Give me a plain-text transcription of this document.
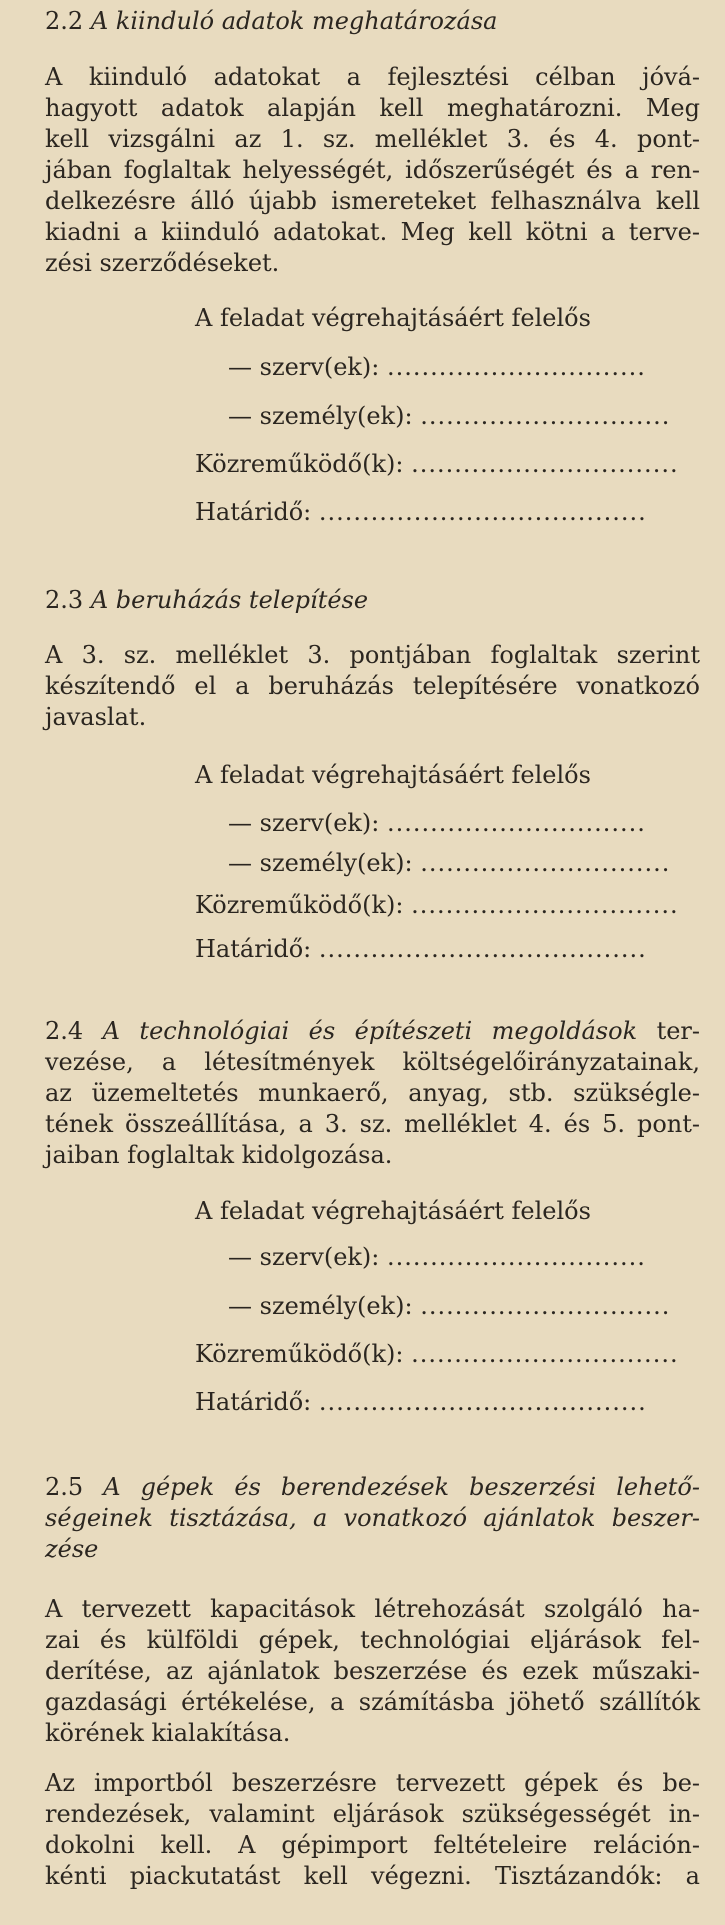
2.2 A kiinduló adatok meghatározása
A kiinduló adatokat a fejlesztési célban jóvá-
hagyott adatok alapján kell meghatározni. Meg
kell vizsgálni az 1. sz. melléklet 3. és 4. pont-
jában foglaltak helyességét, időszerűségét és a ren-
delkezésre álló újabb ismereteket felhasználva kell
kiadni a kiinduló adatokat. Meg kell kötni a terve-
zési szerződéseket.
A feladat végrehajtásáért felelős
— szerv(ek): ..............................
— személy(ek): .............................
Közreműködő(k): ...............................
Határidő: ......................................
2.3 A beruházás telepítése
A 3. sz. melléklet 3. pontjában foglaltak szerint
készítendő el a beruházás telepítésére vonatkozó
javaslat.
A feladat végrehajtásáért felelős
— szerv(ek): ..............................
— személy(ek): .............................
Közreműködő(k): ...............................
Határidő: ......................................
2.4 A technológiai és építészeti megoldások ter-
vezése, a létesítmények költségelőirányzatainak,
az üzemeltetés munkaerő, anyag, stb. szükségle-
tének összeállítása, a 3. sz. melléklet 4. és 5. pont-
jaiban foglaltak kidolgozása.
A feladat végrehajtásáért felelős
— szerv(ek): ..............................
— személy(ek): .............................
Közreműködő(k): ...............................
Határidő: ......................................
2.5 A gépek és berendezések beszerzési lehető-
ségeinek tisztázása, a vonatkozó ajánlatok beszer-
zése
A tervezett kapacitások létrehozását szolgáló ha-
zai és külföldi gépek, technológiai eljárások fel-
derítése, az ajánlatok beszerzése és ezek műszaki-
gazdasági értékelése, a számításba jöhető szállítók
körének kialakítása.
Az importból beszerzésre tervezett gépek és be-
rendezések, valamint eljárások szükségességét in-
dokolni kell. A gépimport feltételeire reláción-
kénti piackutatást kell végezni. Tisztázandók: a
